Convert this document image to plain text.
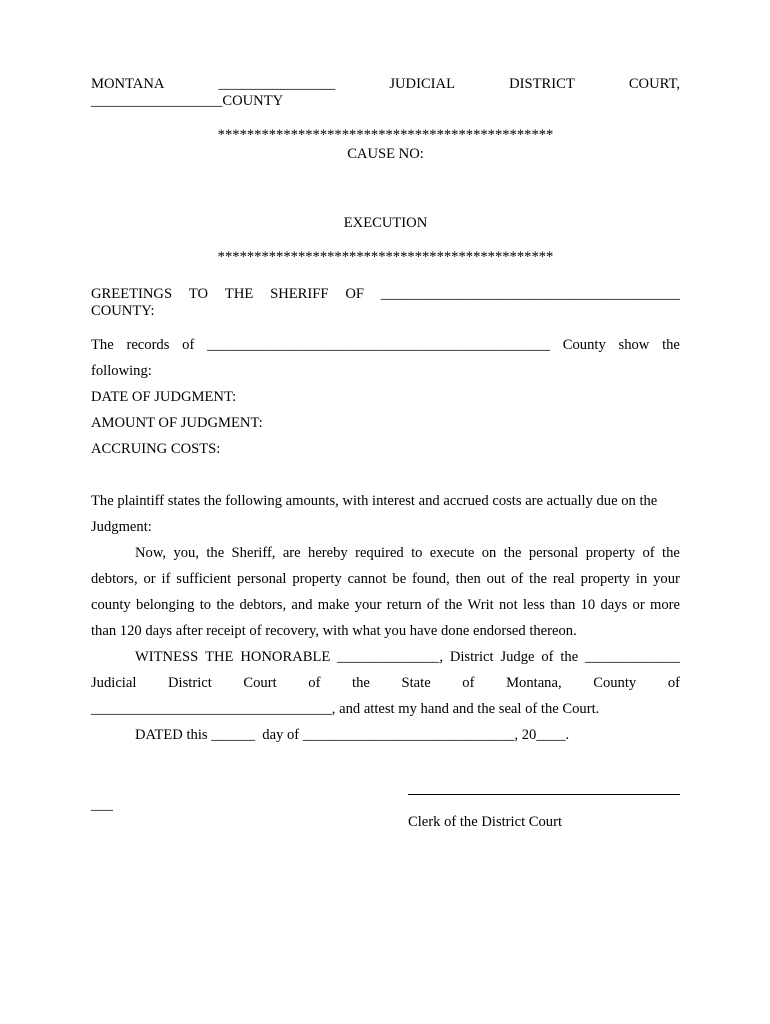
MONTANA	________________	JUDICIAL	DISTRICT	COURT,
__________________COUNTY
**********************************************
CAUSE NO:
EXECUTION
**********************************************
GREETINGS TO THE SHERIFF OF _________________________________________
COUNTY:
The records of _______________________________________________ County show the
following:
DATE OF JUDGMENT:
AMOUNT OF JUDGMENT:
ACCRUING COSTS:
The plaintiff states the following amounts, with interest and accrued costs are actually due on the
Judgment:
Now, you, the Sheriff, are hereby required to execute on the personal property of the
debtors, or if sufficient personal property cannot be found, then out of the real property in your
county belonging to the debtors, and make your return of the Writ not less than 10 days or more
than 120 days after receipt of recovery, with what you have done endorsed thereon.
WITNESS THE HONORABLE ______________, District Judge of the _____________
Judicial District Court of the State of Montana, County of
_________________________________, and attest my hand and the seal of the Court.
DATED this ______  day of _____________________________, 20____.
___
Clerk of the District Court
